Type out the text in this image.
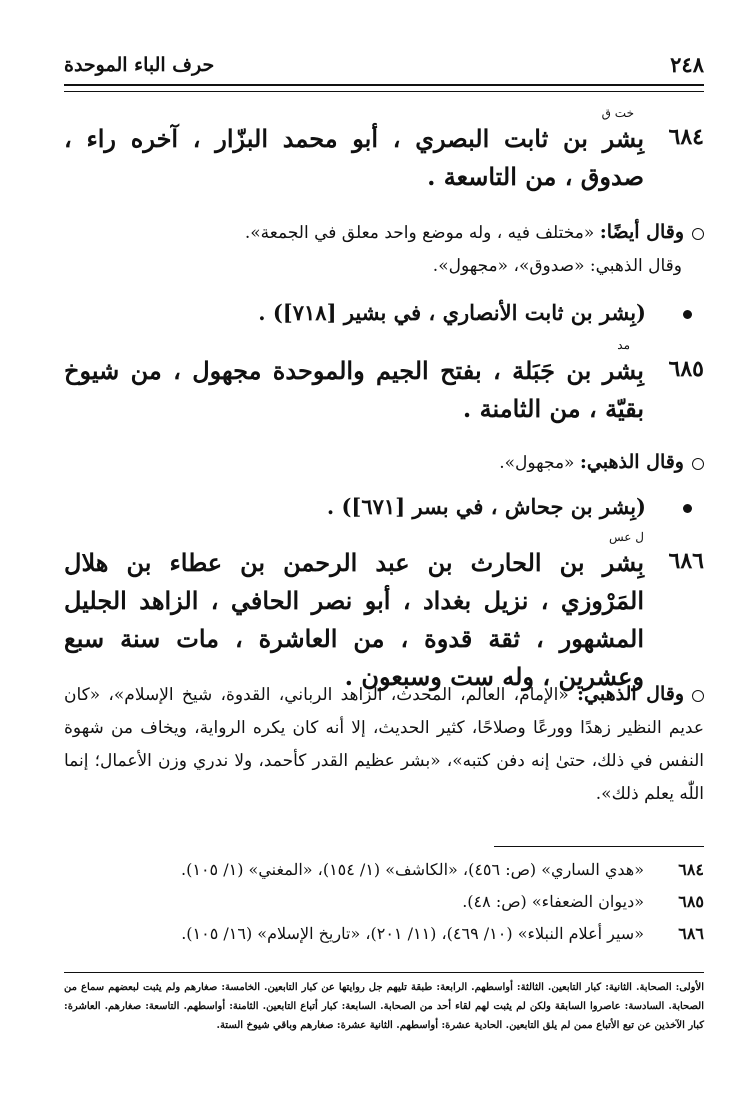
٢٤٨
حرف الباء الموحدة
خت ق
٦٨٤
بِشر بن ثابت البصري ، أبو محمد البزّار ، آخره راء ، صدوق ، من التاسعة .
وقال أيضًا: «مختلف فيه ، وله موضع واحد معلق في الجمعة».
وقال الذهبي: «صدوق»، «مجهول».
(بِشر بن ثابت الأنصاري ، في بشير [٧١٨]) .
مد
٦٨٥
بِشر بن جَبَلة ، بفتح الجيم والموحدة مجهول ، من شيوخ بقيّة ، من الثامنة .
وقال الذهبي: «مجهول».
(بِشر بن جحاش ، في بسر [٦٧١]) .
ل عس
٦٨٦
بِشر بن الحارث بن عبد الرحمن بن عطاء بن هلال المَرْوزي ، نزيل بغداد ، أبو نصر الحافي ، الزاهد الجليل المشهور ، ثقة قدوة ، من العاشرة ، مات سنة سبع وعشرين ، وله ست وسبعون .
وقال الذهبي: «الإمام، العالم، المحدث، الزاهد الرباني، القدوة، شيخ الإسلام»، «كان عديم النظير زهدًا وورعًا وصلاحًا، كثير الحديث، إلا أنه كان يكره الرواية، ويخاف من شهوة النفس في ذلك، حتىٰ إنه دفن كتبه»، «بشر عظيم القدر كأحمد، ولا ندري وزن الأعمال؛ إنما اللّٰه يعلم ذلك».
٦٨٤«هدي الساري» (ص: ٤٥٦)، «الكاشف» (١/ ١٥٤)، «المغني» (١/ ١٠٥).
٦٨٥«ديوان الضعفاء» (ص: ٤٨).
٦٨٦«سير أعلام النبلاء» (١٠/ ٤٦٩)، (١١/ ٢٠١)، «تاريخ الإسلام» (١٦/ ١٠٥).
الأولى: الصحابة. الثانية: كبار التابعين. الثالثة: أواسطهم. الرابعة: طبقة تليهم جل روايتها عن كبار التابعين. الخامسة: صغارهم ولم يثبت لبعضهم سماع من الصحابة. السادسة: عاصروا السابقة ولكن لم يثبت لهم لقاء أحد من الصحابة. السابعة: كبار أتباع التابعين. الثامنة: أواسطهم. التاسعة: صغارهم. العاشرة: كبار الآخذين عن تبع الأتباع ممن لم يلق التابعين. الحادية عشرة: أواسطهم. الثانية عشرة: صغارهم وباقي شيوخ الستة.
